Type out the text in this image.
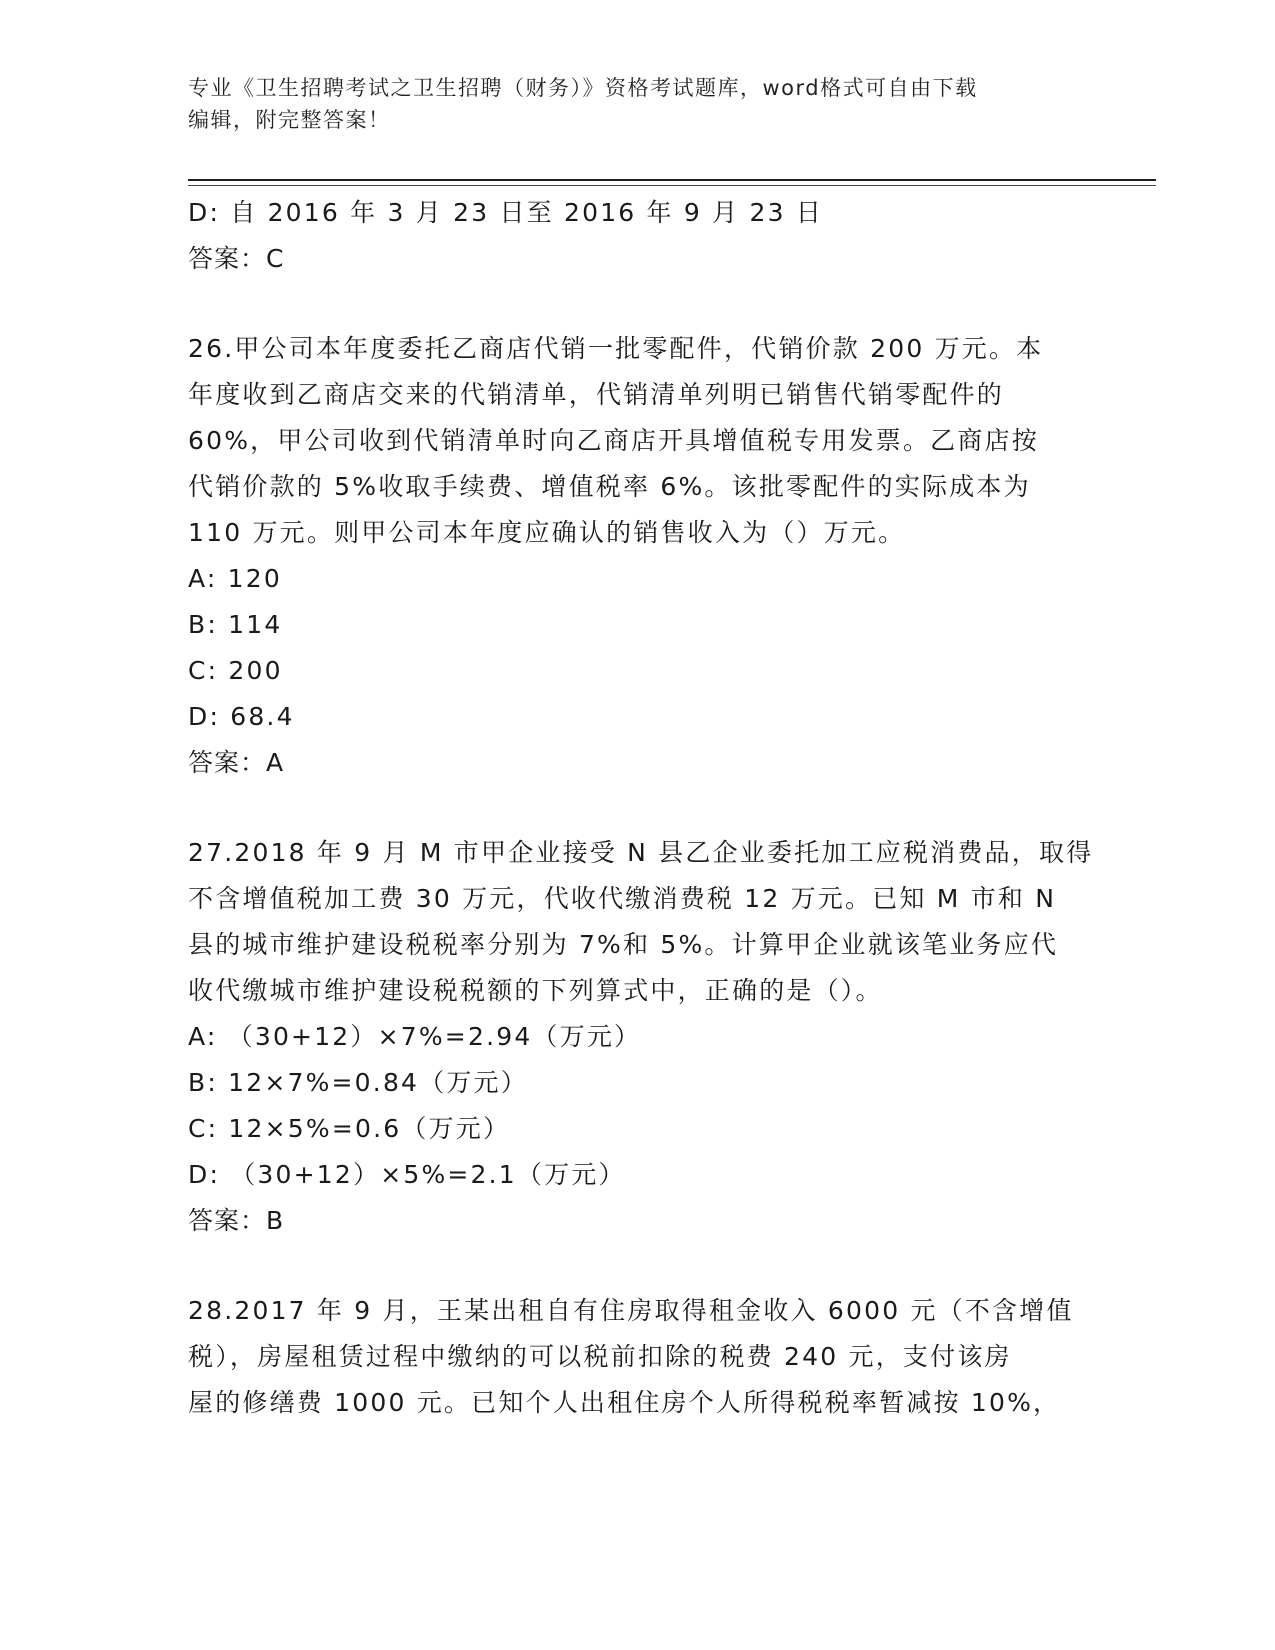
专业《卫生招聘考试之卫生招聘（财务）》资格考试题库，word格式可自由下载
编辑，附完整答案！
D: 自 2016 年 3 月 23 日至 2016 年 9 月 23 日
答案：C
26.甲公司本年度委托乙商店代销一批零配件，代销价款 200 万元。本
年度收到乙商店交来的代销清单，代销清单列明已销售代销零配件的
60%，甲公司收到代销清单时向乙商店开具增值税专用发票。乙商店按
代销价款的 5%收取手续费、增值税率 6%。该批零配件的实际成本为
110 万元。则甲公司本年度应确认的销售收入为（）万元。
A: 120
B: 114
C: 200
D: 68.4
答案：A
27.2018 年 9 月 M 市甲企业接受 N 县乙企业委托加工应税消费品，取得
不含增值税加工费 30 万元，代收代缴消费税 12 万元。已知 M 市和 N
县的城市维护建设税税率分别为 7%和 5%。计算甲企业就该笔业务应代
收代缴城市维护建设税税额的下列算式中，正确的是（）。
A: （30+12）×7%=2.94（万元）
B: 12×7%=0.84（万元）
C: 12×5%=0.6（万元）
D: （30+12）×5%=2.1（万元）
答案：B
28.2017 年 9 月，王某出租自有住房取得租金收入 6000 元（不含增值
税），房屋租赁过程中缴纳的可以税前扣除的税费 240 元，支付该房
屋的修缮费 1000 元。已知个人出租住房个人所得税税率暂减按 10%，
